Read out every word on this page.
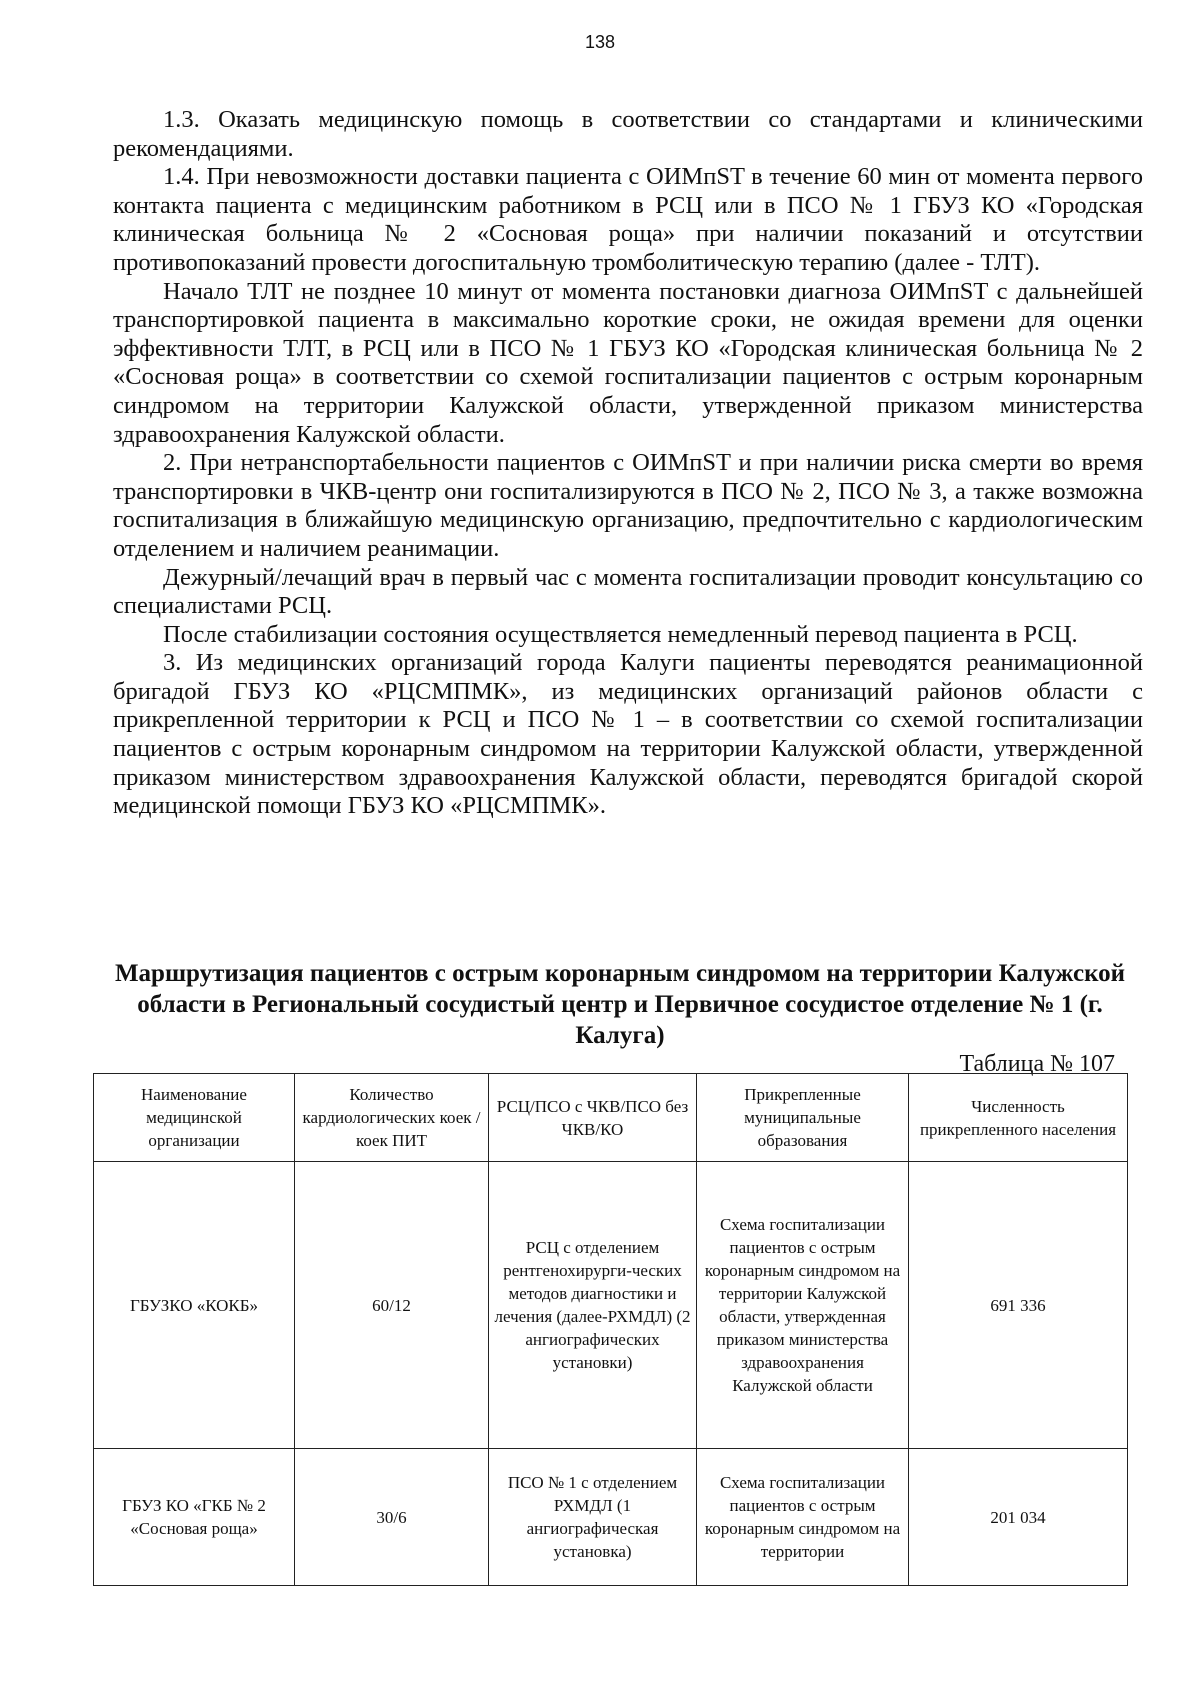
138

1.3. Оказать медицинскую помощь в соответствии со стандартами и клиническими рекомендациями.

1.4. При невозможности доставки пациента с ОИМпST в течение 60 мин от момента первого контакта пациента с медицинским работником в РСЦ или в ПСО № 1 ГБУЗ КО «Городская клиническая больница № 2 «Сосновая роща» при наличии показаний и отсутствии противопоказаний провести догоспитальную тромболитическую терапию (далее - ТЛТ).

Начало ТЛТ не позднее 10 минут от момента постановки диагноза ОИМпST с дальнейшей транспортировкой пациента в максимально короткие сроки, не ожидая времени для оценки эффективности ТЛТ, в РСЦ или в ПСО № 1 ГБУЗ КО «Городская клиническая больница № 2 «Сосновая роща» в соответствии со схемой госпитализации пациентов с острым коронарным синдромом на территории Калужской области, утвержденной приказом министерства здравоохранения Калужской области.

2. При нетранспортабельности пациентов с ОИМпST и при наличии риска смерти во время транспортировки в ЧКВ-центр они госпитализируются в ПСО № 2, ПСО № 3, а также возможна госпитализация в ближайшую медицинскую организацию, предпочтительно с кардиологическим отделением и наличием реанимации.

Дежурный/лечащий врач в первый час с момента госпитализации проводит консультацию со специалистами РСЦ.

После стабилизации состояния осуществляется немедленный перевод пациента в РСЦ.

3. Из медицинских организаций города Калуги пациенты переводятся реанимационной бригадой ГБУЗ КО «РЦСМПМК», из медицинских организаций районов области с прикрепленной территории к РСЦ и ПСО № 1 – в соответствии со схемой госпитализации пациентов с острым коронарным синдромом на территории Калужской области, утвержденной приказом министерством здравоохранения Калужской области, переводятся бригадой скорой медицинской помощи ГБУЗ КО «РЦСМПМК».

Маршрутизация пациентов с острым коронарным синдромом на территории Калужской области в Региональный сосудистый центр и Первичное сосудистое отделение № 1 (г. Калуга)
Таблица № 107
Наименование медицинской организации	Количество кардиологических коек /коек ПИТ	РСЦ/ПСО с ЧКВ/ПСО без ЧКВ/КО	Прикрепленные муниципальные образования	Численность прикрепленного населения
ГБУЗКО «КОКБ»	60/12	РСЦ с отделением рентгенохирурги-ческих методов диагностики и лечения (далее-РХМДЛ) (2 ангиографических установки)	Схема госпитализации пациентов с острым коронарным синдромом на территории Калужской области, утвержденная приказом министерства здравоохранения Калужской области	691 336
ГБУЗ КО «ГКБ № 2 «Сосновая роща»	30/6	ПСО № 1 с отделением РХМДЛ (1 ангиографическая установка)	Схема госпитализации пациентов с острым коронарным синдромом на территории	201 034
